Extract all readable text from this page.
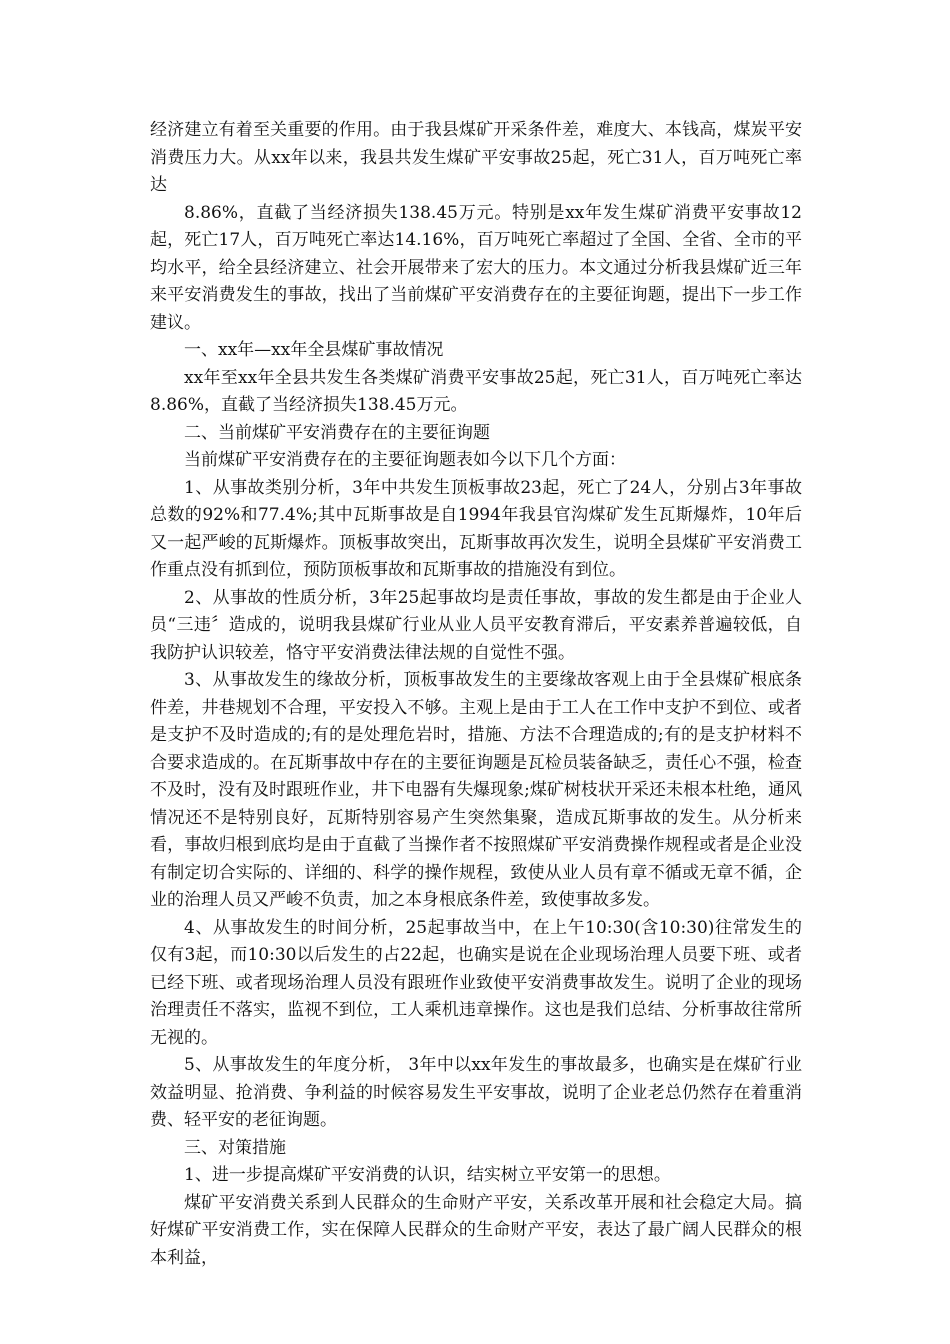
经济建立有着至关重要的作用。由于我县煤矿开采条件差，难度大、本钱高，煤炭平安消费压力大。从xx年以来，我县共发生煤矿平安事故25起，死亡31人，百万吨死亡率达

8.86%，直截了当经济损失138.45万元。特别是xx年发生煤矿消费平安事故12起，死亡17人，百万吨死亡率达14.16%，百万吨死亡率超过了全国、全省、全市的平均水平，给全县经济建立、社会开展带来了宏大的压力。本文通过分析我县煤矿近三年来平安消费发生的事故，找出了当前煤矿平安消费存在的主要征询题，提出下一步工作建议。

一、xx年—xx年全县煤矿事故情况

xx年至xx年全县共发生各类煤矿消费平安事故25起，死亡31人，百万吨死亡率达8.86%，直截了当经济损失138.45万元。

二、当前煤矿平安消费存在的主要征询题

当前煤矿平安消费存在的主要征询题表如今以下几个方面：

1、从事故类别分析，3年中共发生顶板事故23起，死亡了24人，分别占3年事故总数的92%和77.4%;其中瓦斯事故是自1994年我县官沟煤矿发生瓦斯爆炸，10年后又一起严峻的瓦斯爆炸。顶板事故突出，瓦斯事故再次发生，说明全县煤矿平安消费工作重点没有抓到位，预防顶板事故和瓦斯事故的措施没有到位。

2、从事故的性质分析，3年25起事故均是责任事故，事故的发生都是由于企业人员“三违〞造成的，说明我县煤矿行业从业人员平安教育滞后，平安素养普遍较低，自我防护认识较差，恪守平安消费法律法规的自觉性不强。

3、从事故发生的缘故分析，顶板事故发生的主要缘故客观上由于全县煤矿根底条件差，井巷规划不合理，平安投入不够。主观上是由于工人在工作中支护不到位、或者是支护不及时造成的;有的是处理危岩时，措施、方法不合理造成的;有的是支护材料不合要求造成的。在瓦斯事故中存在的主要征询题是瓦检员装备缺乏，责任心不强，检查不及时，没有及时跟班作业，井下电器有失爆现象;煤矿树枝状开采还未根本杜绝，通风情况还不是特别良好，瓦斯特别容易产生突然集聚，造成瓦斯事故的发生。从分析来看，事故归根到底均是由于直截了当操作者不按照煤矿平安消费操作规程或者是企业没有制定切合实际的、详细的、科学的操作规程，致使从业人员有章不循或无章不循，企业的治理人员又严峻不负责，加之本身根底条件差，致使事故多发。

4、从事故发生的时间分析，25起事故当中，在上午10:30(含10:30)往常发生的仅有3起，而10:30以后发生的占22起，也确实是说在企业现场治理人员要下班、或者已经下班、或者现场治理人员没有跟班作业致使平安消费事故发生。说明了企业的现场治理责任不落实，监视不到位，工人乘机违章操作。这也是我们总结、分析事故往常所无视的。

5、从事故发生的年度分析， 3年中以xx年发生的事故最多，也确实是在煤矿行业效益明显、抢消费、争利益的时候容易发生平安事故，说明了企业老总仍然存在着重消费、轻平安的老征询题。

三、对策措施

1、进一步提高煤矿平安消费的认识，结实树立平安第一的思想。

煤矿平安消费关系到人民群众的生命财产平安，关系改革开展和社会稳定大局。搞好煤矿平安消费工作，实在保障人民群众的生命财产平安，表达了最广阔人民群众的根本利益，
